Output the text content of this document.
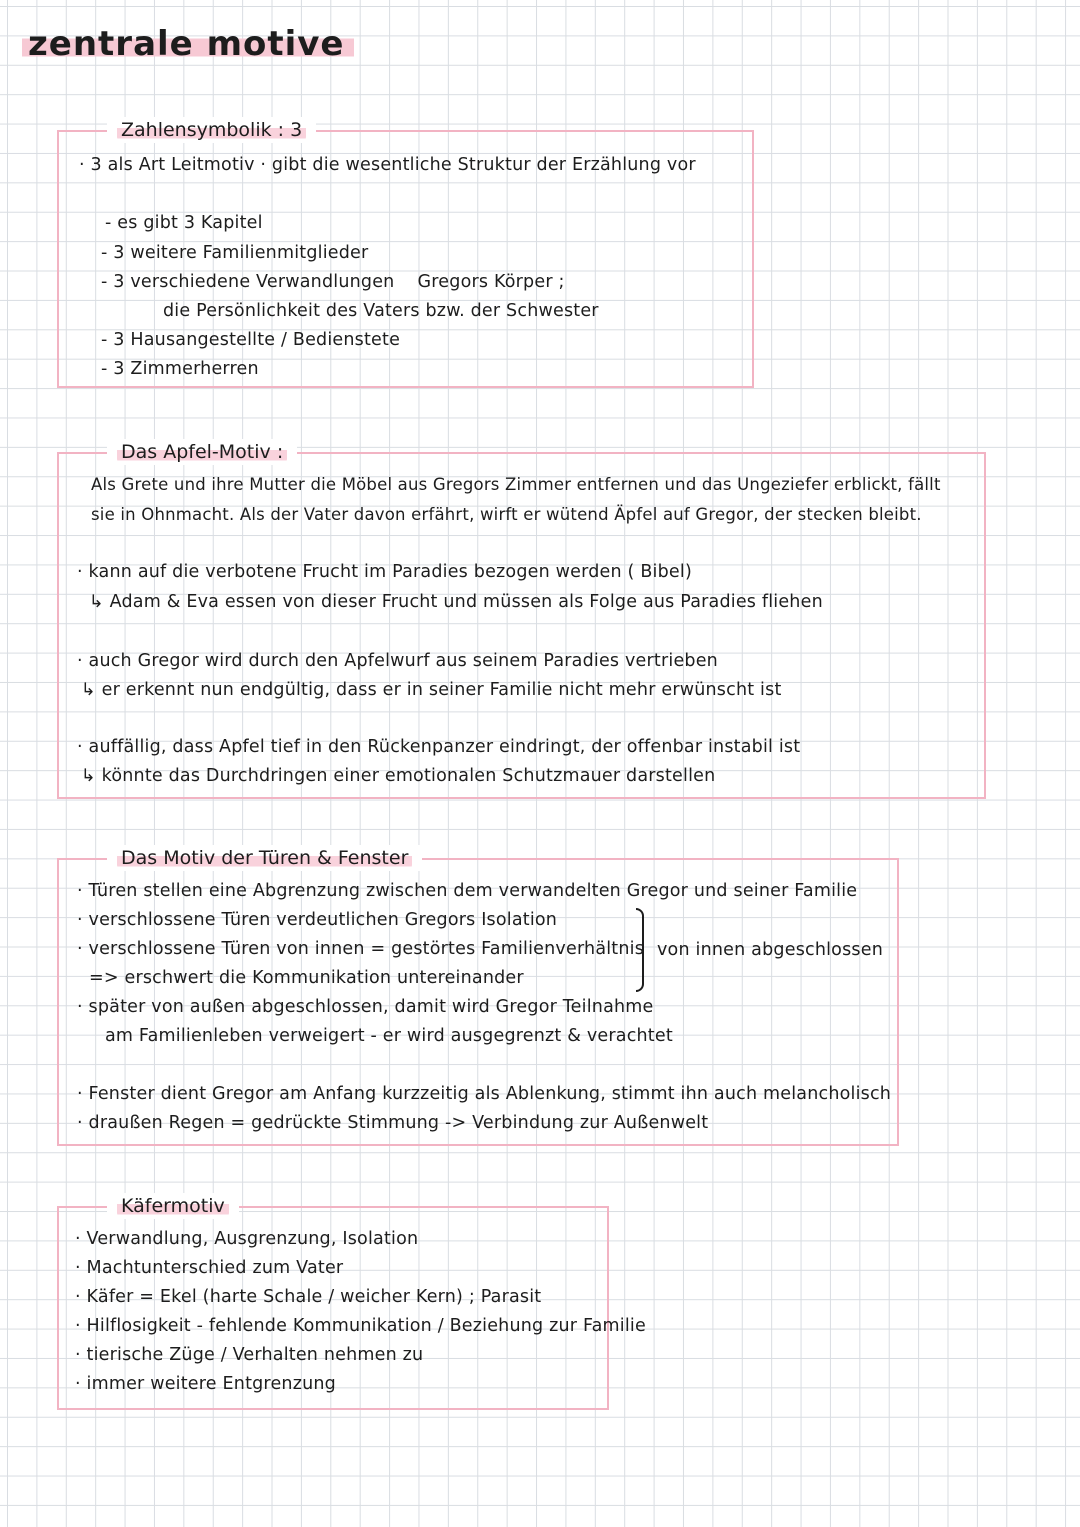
zentrale motive
Zahlensymbolik : 3
· 3 als Art Leitmotiv · gibt die wesentliche Struktur der Erzählung vor
- es gibt 3 Kapitel
- 3 weitere Familienmitglieder
- 3 verschiedene Verwandlungen    Gregors Körper ;
die Persönlichkeit des Vaters bzw. der Schwester
- 3 Hausangestellte / Bedienstete
- 3 Zimmerherren
Das Apfel-Motiv :
Als Grete und ihre Mutter die Möbel aus Gregors Zimmer entfernen und das Ungeziefer erblickt, fällt
sie in Ohnmacht. Als der Vater davon erfährt, wirft er wütend Äpfel auf Gregor, der stecken bleibt.
· kann auf die verbotene Frucht im Paradies bezogen werden ( Bibel)
↳ Adam & Eva essen von dieser Frucht und müssen als Folge aus Paradies fliehen
· auch Gregor wird durch den Apfelwurf aus seinem Paradies vertrieben
↳ er erkennt nun endgültig, dass er in seiner Familie nicht mehr erwünscht ist
· auffällig, dass Apfel tief in den Rückenpanzer eindringt, der offenbar instabil ist
↳ könnte das Durchdringen einer emotionalen Schutzmauer darstellen
Das Motiv der Türen & Fenster
· Türen stellen eine Abgrenzung zwischen dem verwandelten Gregor und seiner Familie
· verschlossene Türen verdeutlichen Gregors Isolation
· verschlossene Türen von innen = gestörtes Familienverhältnis
=> erschwert die Kommunikation untereinander
· später von außen abgeschlossen, damit wird Gregor Teilnahme
am Familienleben verweigert - er wird ausgegrenzt & verachtet
von innen abgeschlossen
· Fenster dient Gregor am Anfang kurzzeitig als Ablenkung, stimmt ihn auch melancholisch
· draußen Regen = gedrückte Stimmung -> Verbindung zur Außenwelt
Käfermotiv
· Verwandlung, Ausgrenzung, Isolation
· Machtunterschied zum Vater
· Käfer = Ekel (harte Schale / weicher Kern) ; Parasit
· Hilflosigkeit - fehlende Kommunikation / Beziehung zur Familie
· tierische Züge / Verhalten nehmen zu
· immer weitere Entgrenzung
